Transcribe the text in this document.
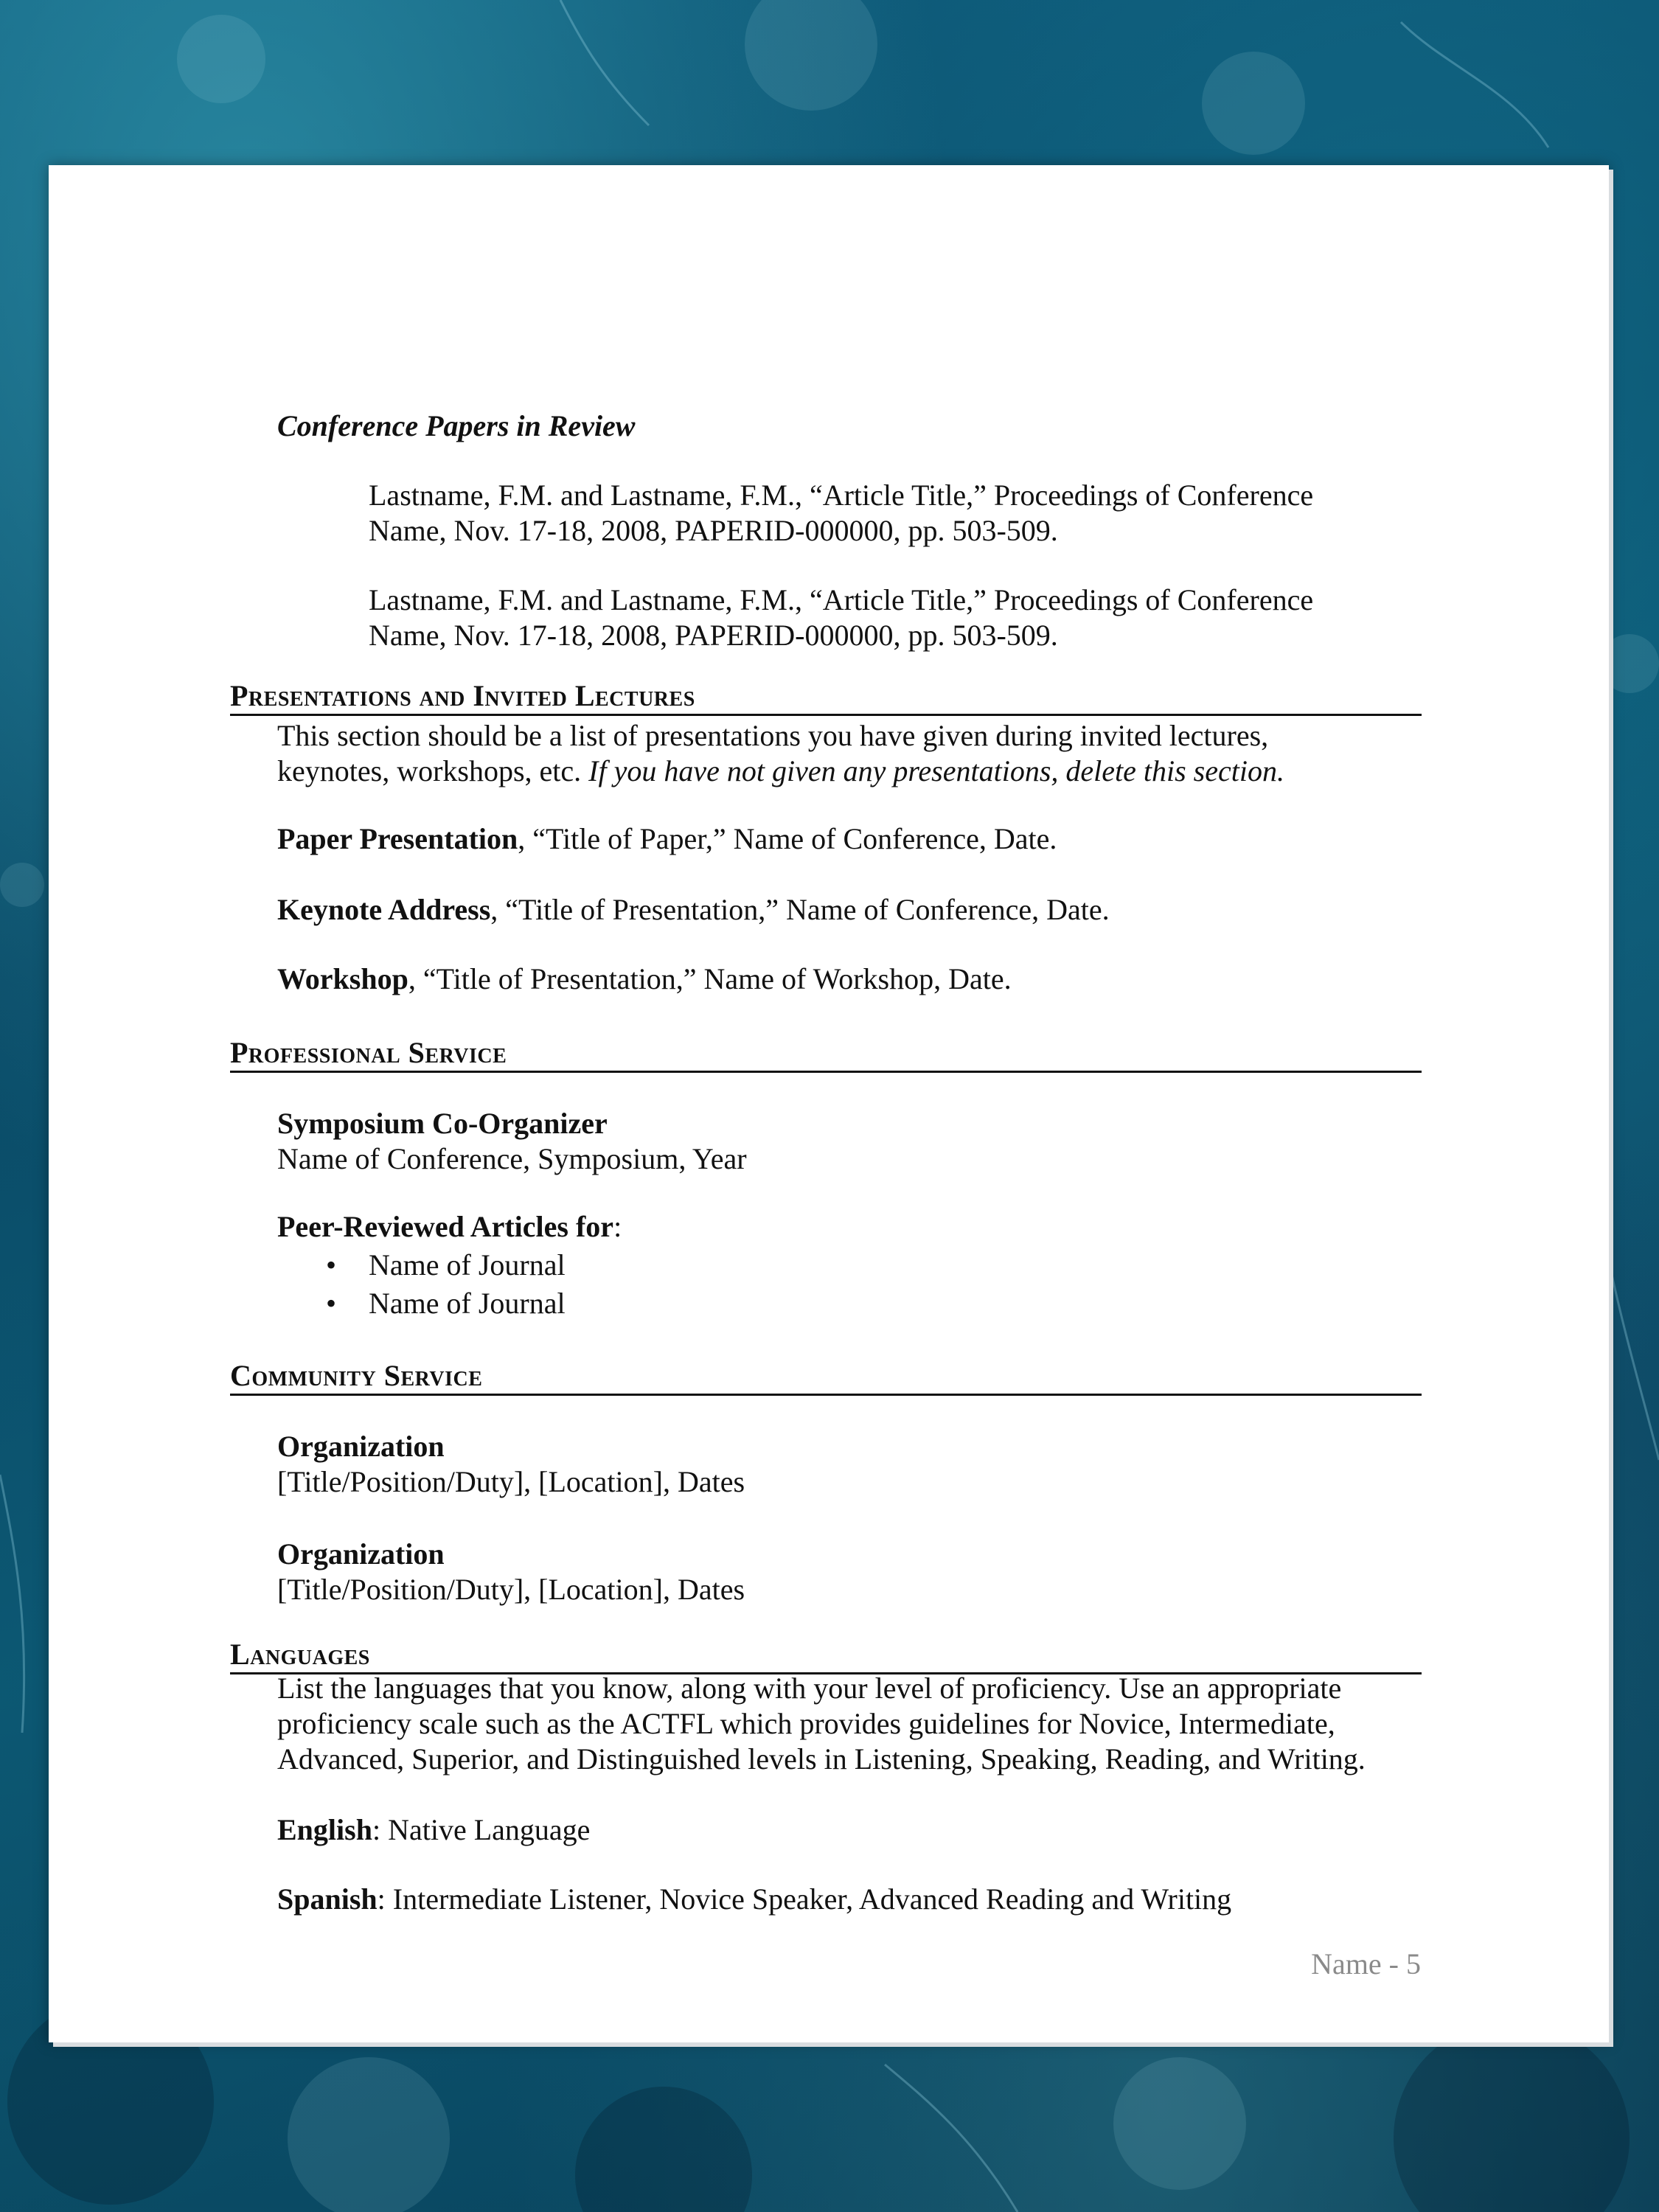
Conference Papers in Review
Lastname, F.M. and Lastname, F.M., “Article Title,” Proceedings of Conference
Name, Nov. 17-18, 2008, PAPERID-000000, pp. 503-509.
Lastname, F.M. and Lastname, F.M., “Article Title,” Proceedings of Conference
Name, Nov. 17-18, 2008, PAPERID-000000, pp. 503-509.
Presentations and Invited Lectures
This section should be a list of presentations you have given during invited lectures,
keynotes, workshops, etc. If you have not given any presentations, delete this section.
Paper Presentation, “Title of Paper,” Name of Conference, Date.
Keynote Address, “Title of Presentation,” Name of Conference, Date.
Workshop, “Title of Presentation,” Name of Workshop, Date.
Professional Service
Symposium Co-Organizer
Name of Conference, Symposium, Year
Peer-Reviewed Articles for:
• Name of Journal
• Name of Journal
Community Service
Organization
[Title/Position/Duty], [Location], Dates
Organization
[Title/Position/Duty], [Location], Dates
Languages
List the languages that you know, along with your level of proficiency. Use an appropriate
proficiency scale such as the ACTFL which provides guidelines for Novice, Intermediate,
Advanced, Superior, and Distinguished levels in Listening, Speaking, Reading, and Writing.
English: Native Language
Spanish: Intermediate Listener, Novice Speaker, Advanced Reading and Writing
Name - 5
